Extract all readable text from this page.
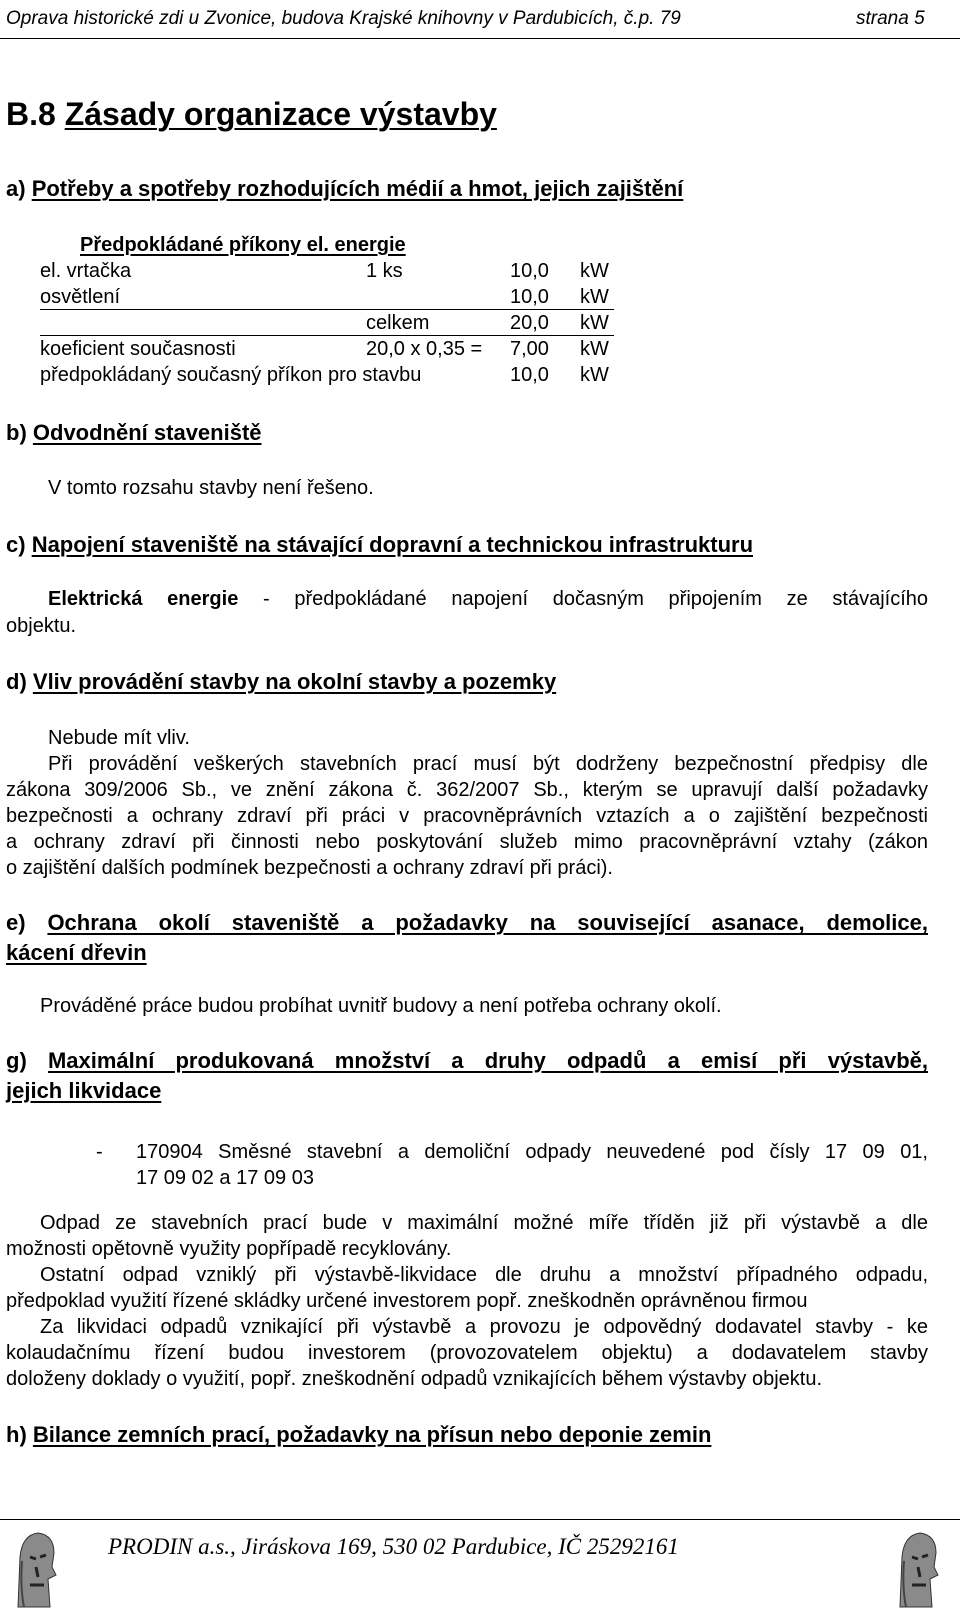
Oprava historické zdi u Zvonice, budova Krajské knihovny v Pardubicích, č.p. 79	strana 5
B.8 Zásady organizace výstavby
a) Potřeby a spotřeby rozhodujících médií a hmot, jejich zajištění
Předpokládané příkony el. energie
el. vrtačka	1 ks	10,0 kW
osvětlení	10,0 kW
celkem	20,0 kW
koeficient současnosti	20,0 x 0,35 = 7,00 kW
předpokládaný současný příkon pro stavbu	10,0 kW
b) Odvodnění staveniště
V tomto rozsahu stavby není řešeno.
c) Napojení staveniště na stávající dopravní a technickou infrastrukturu
Elektrická energie - předpokládané napojení dočasným připojením ze stávajícího
objektu.
d) Vliv provádění stavby na okolní stavby a pozemky
Nebude mít vliv.
Při provádění veškerých stavebních prací musí být dodrženy bezpečnostní předpisy dle
zákona 309/2006 Sb., ve znění zákona č. 362/2007 Sb., kterým se upravují další požadavky
bezpečnosti a ochrany zdraví při práci v pracovněprávních vztazích a o zajištění bezpečnosti
a ochrany zdraví při činnosti nebo poskytování služeb mimo pracovněprávní vztahy (zákon
o zajištění dalších podmínek bezpečnosti a ochrany zdraví při práci).
e) Ochrana okolí staveniště a požadavky na související asanace, demolice,
kácení dřevin
Prováděné práce budou probíhat uvnitř budovy a není potřeba ochrany okolí.
g) Maximální produkovaná množství a druhy odpadů a emisí při výstavbě,
jejich likvidace
- 170904 Směsné stavební a demoliční odpady neuvedené pod čísly 17 09 01,
17 09 02 a 17 09 03
Odpad ze stavebních prací bude v maximální možné míře tříděn již při výstavbě a dle
možnosti opětovně využity popřípadě recyklovány.
Ostatní odpad vzniklý při výstavbě-likvidace dle druhu a množství případného odpadu,
předpoklad využití řízené skládky určené investorem popř. zneškodněn oprávněnou firmou
Za likvidaci odpadů vznikající při výstavbě a provozu je odpovědný dodavatel stavby - ke
kolaudačnímu řízení budou investorem (provozovatelem objektu) a dodavatelem stavby
doloženy doklady o využití, popř. zneškodnění odpadů vznikajících během výstavby objektu.
h) Bilance zemních prací, požadavky na přísun nebo deponie zemin
PRODIN a.s., Jiráskova 169, 530 02 Pardubice, IČ 25292161
